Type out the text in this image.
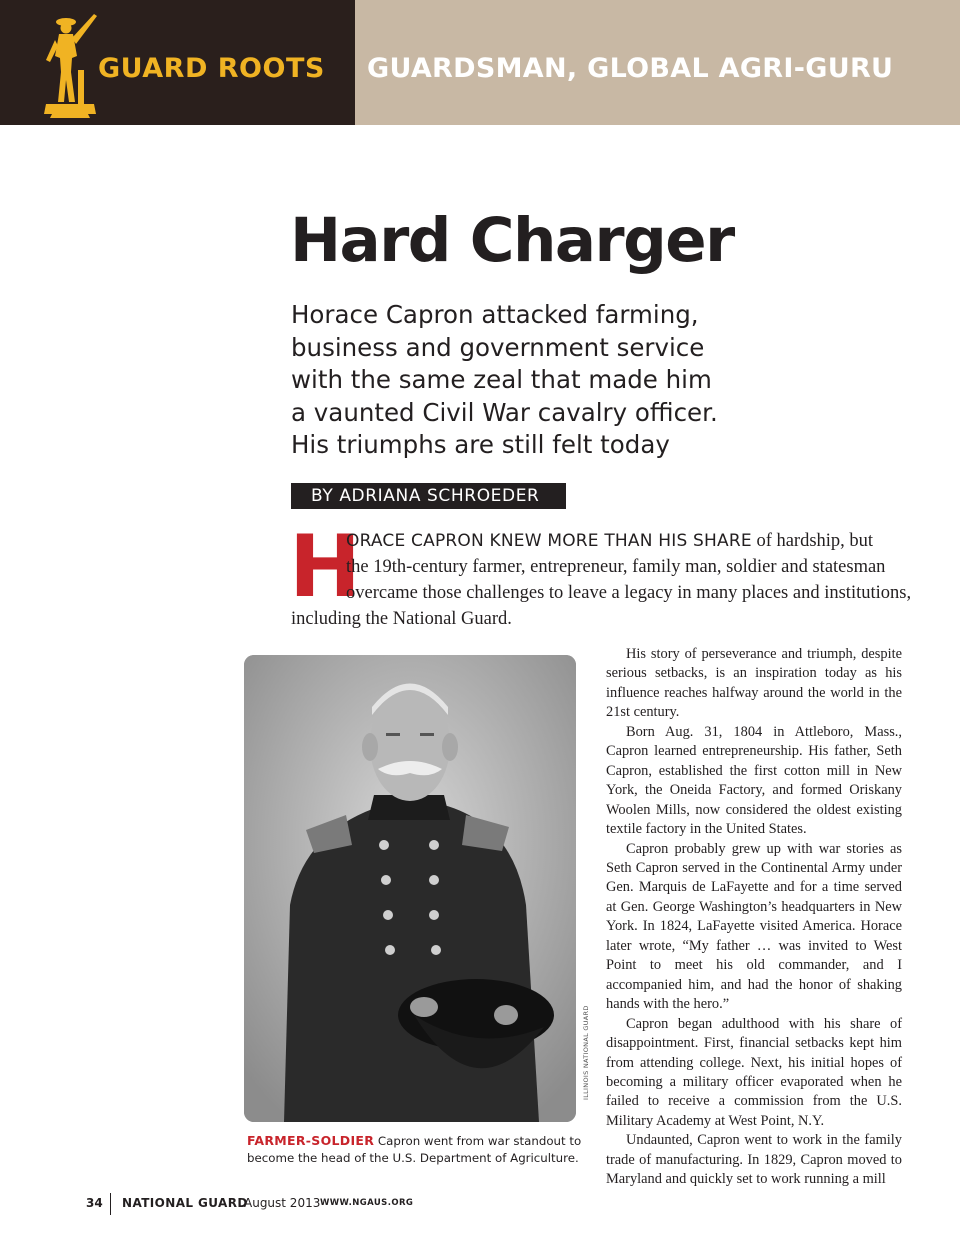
GUARD ROOTS GUARDSMAN, GLOBAL AGRI-GURU
Hard Charger
Horace Capron attacked farming,
business and government service
with the same zeal that made him
a vaunted Civil War cavalry officer.
His triumphs are still felt today
BY ADRIANA SCHROEDER
H
ORACE CAPRON KNEW MORE THAN HIS SHARE of hardship, but
the 19th-century farmer, entrepreneur, family man, soldier and statesman
overcame those challenges to leave a legacy in many places and institutions,
including the National Guard.
ILLINOIS NATIONAL GUARD
FARMER-SOLDIER Capron went from war standout to become the head of the U.S. Department of Agriculture.

His story of perseverance and triumph, despite serious setbacks, is an inspiration today as his influence reaches halfway around the world in the 21st century.

Born Aug. 31, 1804 in Attleboro, Mass., Capron learned entrepreneurship. His father, Seth Capron, established the first cotton mill in New York, the Oneida Factory, and formed Oriskany Woolen Mills, now considered the oldest existing textile factory in the United States.

Capron probably grew up with war stories as Seth Capron served in the Continental Army under Gen. Marquis de LaFayette and for a time served at Gen. George Washington’s headquarters in New York. In 1824, LaFayette visited America. Horace later wrote, “My father … was invited to West Point to meet his old commander, and I accompanied him, and had the honor of shaking hands with the hero.”

Capron began adulthood with his share of disappointment. First, financial setbacks kept him from attending college. Next, his initial hopes of becoming a military officer evaporated when he failed to receive a commission from the U.S. Military Academy at West Point, N.Y.

Undaunted, Capron went to work in the family trade of manufacturing. In 1829, Capron moved to Maryland and quickly set to work running a mill

34 NATIONAL GUARD
August 2013 WWW.NGAUS.ORG
